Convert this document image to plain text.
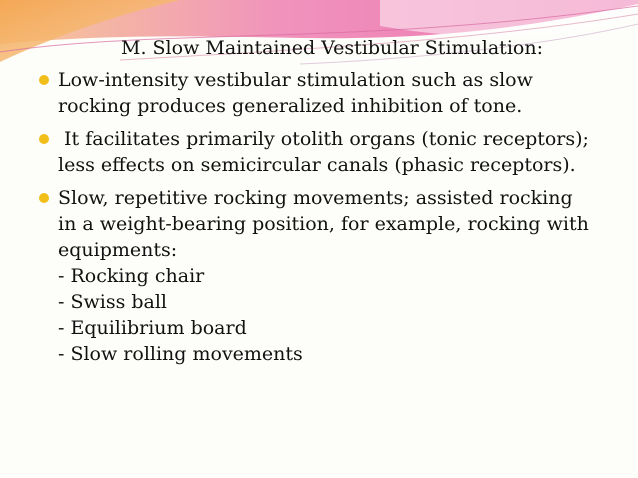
M. Slow Maintained Vestibular Stimulation:
Low-intensity vestibular stimulation such as slow
rocking produces generalized inhibition of tone.
It facilitates primarily otolith organs (tonic receptors);
less effects on semicircular canals (phasic receptors).
Slow, repetitive rocking movements; assisted rocking
in a weight-bearing position, for example, rocking with
equipments:
- Rocking chair
- Swiss ball
- Equilibrium board
- Slow rolling movements
